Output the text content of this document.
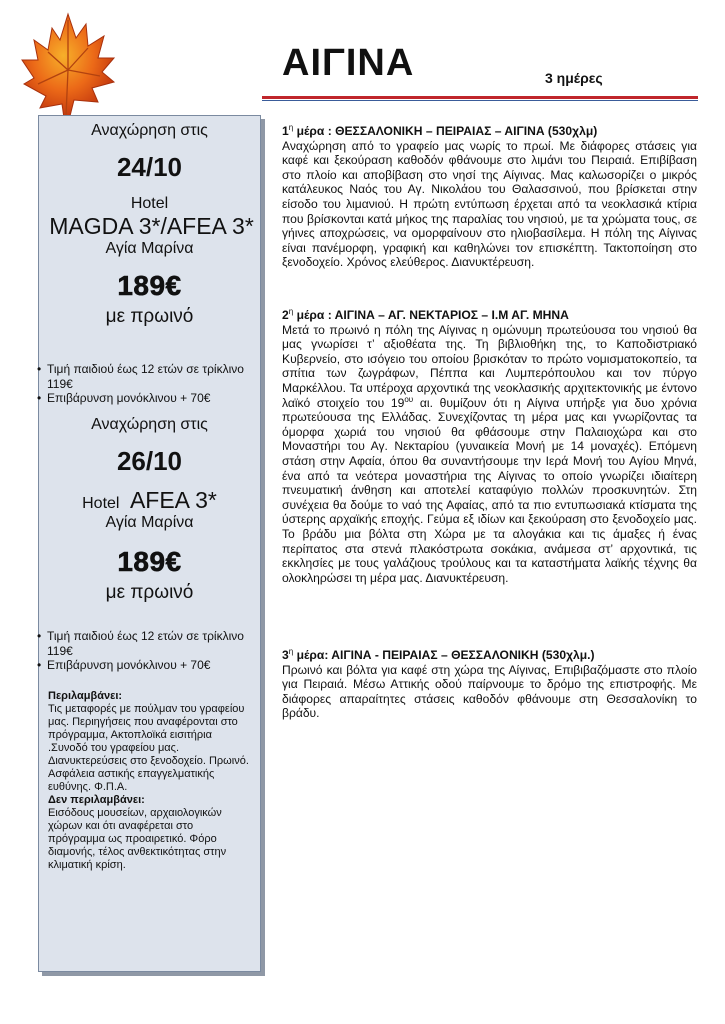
ΑΙΓΙΝΑ	3 ημέρες
Αναχώρηση στις
24/10
Hotel
MAGDA 3*/AFEA 3*
Αγία Μαρίνα
189€
με πρωινό
• Τιμή παιδιού έως 12 ετών σε τρίκλινο 119€
• Επιβάρυνση μονόκλινου + 70€
Αναχώρηση στις
26/10
Hotel AFEA 3*
Αγία Μαρίνα
189€
με πρωινό
• Τιμή παιδιού έως 12 ετών σε τρίκλινο 119€
• Επιβάρυνση μονόκλινου + 70€
Περιλαμβάνει:
Τις μεταφορές με πούλμαν του γραφείου μας. Περιηγήσεις που αναφέρονται στο πρόγραμμα, Ακτοπλοϊκά εισιτήρια .Συνοδό του γραφείου μας. Διανυκτερεύσεις στο ξενοδοχείο. Πρωινό. Ασφάλεια αστικής επαγγελματικής ευθύνης. Φ.Π.Α.
Δεν περιλαμβάνει:
Εισόδους μουσείων, αρχαιολογικών χώρων και ότι αναφέρεται στο πρόγραμμα ως προαιρετικό. Φόρο διαμονής, τέλος ανθεκτικότητας στην κλιματική κρίση.

$1^\eta$ μέρα : ΘΕΣΣΑΛΟΝΙΚΗ – ΠΕΙΡΑΙΑΣ – ΑΙΓΙΝΑ (530χλμ)
Αναχώρηση από το γραφείο μας νωρίς το πρωί. Με διάφορες στάσεις για καφέ και ξεκούραση καθοδόν φθάνουμε στο λιμάνι του Πειραιά. Επιβίβαση στο πλοίο και αποβίβαση στο νησί της Αίγινας. Μας καλωσορίζει ο μικρός κατάλευκος Ναός του Αγ. Νικολάου του Θαλασσινού, που βρίσκεται στην είσοδο του λιμανιού. Η πρώτη εντύπωση έρχεται από τα νεοκλασικά κτίρια που βρίσκονται κατά μήκος της παραλίας του νησιού, με τα χρώματα τους, σε γήινες αποχρώσεις, να ομορφαίνουν στο ηλιοβασίλεμα. Η πόλη της Αίγινας είναι πανέμορφη, γραφική και καθηλώνει τον επισκέπτη. Τακτοποίηση στο ξενοδοχείο. Χρόνος ελεύθερος. Διανυκτέρευση.

$2^\eta$ μέρα : ΑΙΓΙΝΑ – ΑΓ. ΝΕΚΤΑΡΙΟΣ – Ι.Μ ΑΓ. ΜΗΝΑ
Μετά το πρωινό η πόλη της Αίγινας η ομώνυμη πρωτεύουσα του νησιού θα μας γνωρίσει τ’ αξιοθέατα της. Τη βιβλιοθήκη της, το Καποδιστριακό Κυβερνείο, στο ισόγειο του οποίου βρισκόταν το πρώτο νομισματοκοπείο, τα σπίτια των ζωγράφων, Πέππα και Λυμπερόπουλου και τον πύργο Μαρκέλλου. Τα υπέροχα αρχοντικά της νεοκλασικής αρχιτεκτονικής με έντονο λαϊκό στοιχείο του $19^{o\upsilon}$ αι. θυμίζουν ότι η Αίγινα υπήρξε για δυο χρόνια πρωτεύουσα της Ελλάδας. Συνεχίζοντας τη μέρα μας και γνωρίζοντας τα όμορφα χωριά του νησιού θα φθάσουμε στην Παλαιοχώρα και στο Μοναστήρι του Αγ. Νεκταρίου (γυναικεία Μονή με 14 μοναχές). Επόμενη στάση στην Αφαία, όπου θα συναντήσουμε την Ιερά Μονή του Αγίου Μηνά, ένα από τα νεότερα μοναστήρια της Αίγινας το οποίο γνωρίζει ιδιαίτερη πνευματική άνθηση και αποτελεί καταφύγιο πολλών προσκυνητών. Στη συνέχεια θα δούμε το ναό της Αφαίας, από τα πιο εντυπωσιακά κτίσματα της ύστερης αρχαϊκής εποχής. Γεύμα εξ ιδίων και ξεκούραση στο ξενοδοχείο μας. Το βράδυ μια βόλτα στη Χώρα με τα αλογάκια και τις άμαξες ή ένας περίπατος στα στενά πλακόστρωτα σοκάκια, ανάμεσα στ’ αρχοντικά, τις εκκλησίες με τους γαλάζιους τρούλους και τα καταστήματα λαϊκής τέχνης θα ολοκληρώσει τη μέρα μας. Διανυκτέρευση.

$3^\eta$ μέρα: ΑΙΓΙΝΑ - ΠΕΙΡΑΙΑΣ – ΘΕΣΣΑΛΟΝΙΚΗ (530χλμ.)
Πρωινό και βόλτα για καφέ στη χώρα της Αίγινας, Επιβιβαζόμαστε στο πλοίο για Πειραιά. Μέσω Αττικής οδού παίρνουμε το δρόμο της επιστροφής. Με διάφορες απαραίτητες στάσεις καθοδόν φθάνουμε στη Θεσσαλονίκη το βράδυ.
